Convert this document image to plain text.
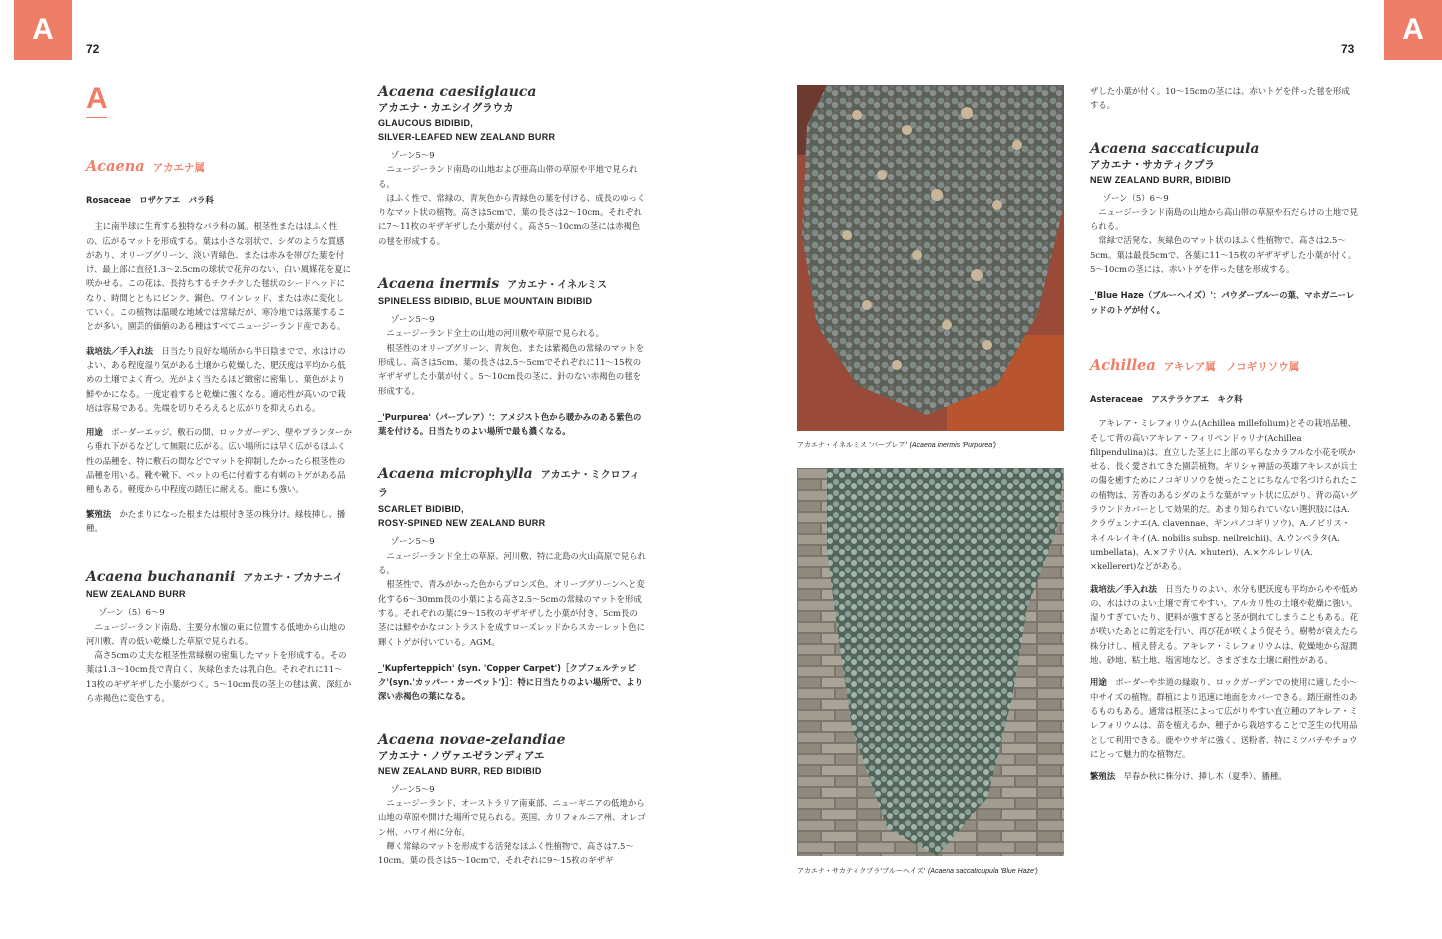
A
72
A
73
A
Acaena アカエナ属

Rosaceae　ロザケアエ　バラ科

主に南半球に生育する独特なバラ科の属。根茎性またはほふく性の、広がるマットを形成する。葉は小さな羽状で、シダのような質感があり、オリーブグリーン、淡い青緑色、または赤みを帯びた葉を付け、最上部に直径1.3〜2.5cmの球状で花弁のない、白い風媒花を夏に咲かせる。この花は、長持ちするチクチクした毬状のシードヘッドになり、時間とともにピンク、銅色、ワインレッド、または赤に変化していく。この植物は温暖な地域では常緑だが、寒冷地では落葉することが多い。園芸的価値のある種はすべてニュージーランド産である。

栽培法／手入れ法　 日当たり良好な場所から半日陰までで、水はけのよい、ある程度湿り気がある土壌から乾燥した、肥沃度は平均から低めの土壌でよく育つ。光がよく当たるほど緻密に密集し、葉色がより鮮やかになる。一度定着すると乾燥に強くなる。適応性が高いので栽培は容易である。先端を切りそろえると広がりを抑えられる。

用途　 ボーダーエッジ、敷石の間、ロックガーデン、壁やプランターから垂れ下がるなどして無限に広がる。広い場所には早く広がるほふく性の品種を、特に敷石の間などでマットを抑制したかったら根茎性の品種を用いる。靴や靴下、ペットの毛に付着する有刺のトゲがある品種もある。軽度から中程度の踏圧に耐える。鹿にも強い。

繁殖法　 かたまりになった根または根付き茎の株分け。緑枝挿し、播種。

Acaena buchananii アカエナ・ブカナニイ
NEW ZEALAND BURR

ゾーン（5）6〜9

ニュージーランド南島、主要分水嶺の東に位置する低地から山地の河川敷、青の低い乾燥した草原で見られる。

高さ5cmの丈夫な根茎性常緑樹の密集したマットを形成する。その葉は1.3〜10cm長で青白く、灰緑色または乳白色。それぞれに11〜13枚のギザギザした小葉がつく。5〜10cm長の茎上の毬は黄、深紅から赤褐色に変色する。

Acaena caesiiglauca
アカエナ・カエシイグラウカ
GLAUCOUS BIDIBID,
SILVER-LEAFED NEW ZEALAND BURR

ゾーン5〜9

ニュージーランド南島の山地および亜高山帯の草原や平地で見られる。

ほふく性で、常緑の、青灰色から青緑色の葉を付ける、成長のゆっくりなマット状の植物。高さは5cmで、葉の長さは2〜10cm。それぞれに7〜11枚のギザギザした小葉が付く。高さ5〜10cmの茎には赤褐色の毬を形成する。

Acaena inermis アカエナ・イネルミス
SPINELESS BIDIBID, BLUE MOUNTAIN BIDIBID

ゾーン5〜9

ニュージーランド全土の山地の河川敷や草原で見られる。

根茎性のオリーブグリーン、青灰色、または紫褐色の常緑のマットを形成し、高さは5cm、葉の長さは2.5〜5cmでそれぞれに11〜15枚のギザギザした小葉が付く。5〜10cm長の茎に、針のない赤褐色の毬を形成する。

_'Purpurea'（パープレア）'：アメジスト色から暖かみのある紫色の葉を付ける。日当たりのよい場所で最も濃くなる。

Acaena microphylla アカエナ・ミクロフィラ
SCARLET BIDIBID,
ROSY-SPINED NEW ZEALAND BURR

ゾーン5〜9

ニュージーランド全土の草原、河川敷、特に北島の火山高原で見られる。

根茎性で、青みがかった色からブロンズ色、オリーブグリーンへと変化する6〜30mm長の小葉による高さ2.5〜5cmの常緑のマットを形成する。それぞれの葉に9〜15枚のギザギザした小葉が付き、5cm長の茎には鮮やかなコントラストを成すローズレッドからスカーレット色に輝くトゲが付いている。AGM。

_'Kupferteppich' (syn. 'Copper Carpet')［クプフェルテッピク'(syn.'カッパー・カーペット')］：特に日当たりのよい場所で、より深い赤褐色の葉になる。

Acaena novae-zelandiae
アカエナ・ノヴァエゼランディアエ
NEW ZEALAND BURR, RED BIDIBID

ゾーン5〜9

ニュージーランド、オーストラリア南東部、ニューギニアの低地から山地の草原や開けた場所で見られる。英国、カリフォルニア州、オレゴン州、ハワイ州に分布。

輝く常緑のマットを形成する活発なほふく性植物で、高さは7.5〜10cm。葉の長さは5〜10cmで、それぞれに9〜15枚のギザギ

アカエナ・イネルミス 'パープレア' (Acaena inermis 'Purpurea')
アカエナ・サカティクプラ'ブルーヘイズ' (Acaena saccaticupula 'Blue Haze')

ザした小葉が付く。10〜15cmの茎には、赤いトゲを伴った毬を形成する。

Acaena saccaticupula
アカエナ・サカティクプラ
NEW ZEALAND BURR, BIDIBID

ゾーン（5）6〜9

ニュージーランド南島の山地から高山帯の草原や石だらけの土地で見られる。

常緑で活発な、灰緑色のマット状のほふく性植物で、高さは2.5〜5cm。葉は最長5cmで、各葉に11〜15枚のギザギザした小葉が付く。5〜10cmの茎には、赤いトゲを伴った毬を形成する。

_'Blue Haze（ブルーヘイズ）'：パウダーブルーの葉、マホガニーレッドのトゲが付く。

Achillea アキレア属　ノコギリソウ属

Asteraceae　アステラケアエ　キク科

アキレア・ミレフォリウム(Achillea millefolium)とその栽培品種、そして背の高いアキレア・フィリペンドゥリナ(Achillea filipendulina)は、直立した茎上に上部の平らなカラフルな小花を咲かせる、長く愛されてきた園芸植物。ギリシャ神話の英雄アキレスが兵士の傷を癒すためにノコギリソウを使ったことにちなんで名づけられたこの植物は、芳香のあるシダのような葉がマット状に広がり、背の高いグラウンドカバーとして効果的だ。あまり知られていない選択肢にはA.クラヴェンナエ(A. clavennae、ギンパノコギリソウ)、A.ノビリス・ネイルレイキイ(A. nobilis subsp. neilreichii)、A.ウンベラタ(A. umbellata)、A.×フテリ(A. ×huteri)、A.×ケルレレリ(A. ×kellereri)などがある。

栽培法／手入れ法　 日当たりのよい、水分も肥沃度も平均からやや低めの、水はけのよい土壌で育てやすい。アルカリ性の土壌や乾燥に強い。湿りすぎていたり、肥料が強すぎると茎が倒れてしまうこともある。花が咲いたあとに剪定を行い、再び花が咲くよう促そう。樹勢が衰えたら株分けし、植え替える。アキレア・ミレフォリウムは、乾燥地から湿潤地、砂地、粘土地、塩害地など、さまざまな土壌に耐性がある。

用途　 ボーダーや歩道の縁取り、ロックガーデンでの使用に適した小〜中サイズの植物。群植により迅速に地面をカバーできる。踏圧耐性のあるものもある。通常は根茎によって広がりやすい直立種のアキレア・ミレフォリウムは、苗を植えるか、種子から栽培することで芝生の代用品として利用できる。鹿やウサギに強く、送粉者、特にミツバチやチョウにとって魅力的な植物だ。

繁殖法　 早春か秋に株分け、挿し木（夏季）、播種。
